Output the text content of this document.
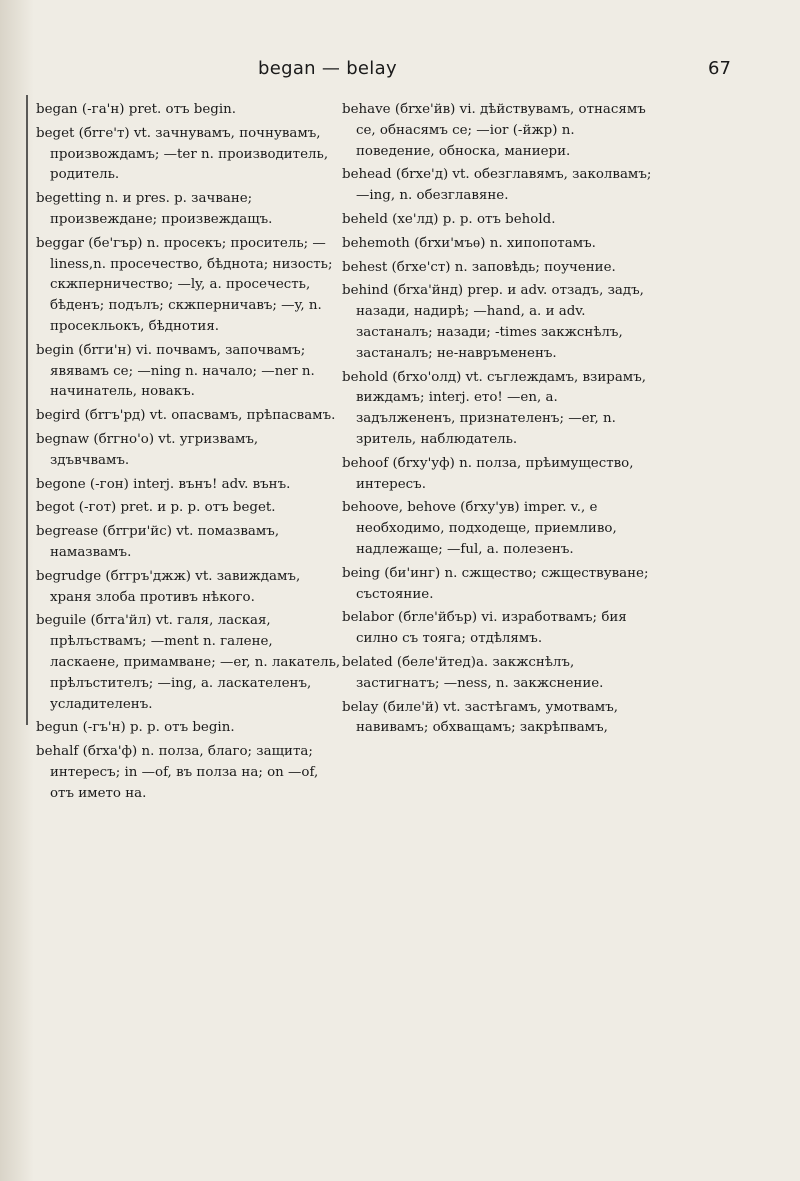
began — belay	67

began (-га'н) pret. отъ begin.

beget (бrге'т) vt. зачнувамъ, почнувамъ, произвождамъ; —ter n. производитель, родитель.

begetting n. и pres. p. зачване; произвеждане; произвеждащъ.

beggar (бе'гър) n. просекъ; проситель; —liness,n. просечество, бѣднота; низость; скжперничество; —ly, a. просечесть, бѣденъ; подълъ; скжперничавъ; —y, n. просекльокъ, бѣднотия.

begin (бrги'н) vi. почвамъ, започвамъ; явявамъ се; —ning n. начало; —ner n. начинатель, новакъ.

begird (бrгъ'рд) vt. опасвамъ, прѣпасвамъ.

begnaw (бrгно'о) vt. угризвамъ, здъвчвамъ.

begone (-гон) interj. вънъ! adv. вънъ.

begot (-гот) pret. и p. p. отъ beget.

begrease (бrгри'йс) vt. помазвамъ, намазвамъ.

begrudge (бrгръ'джж) vt. завиждамъ, храня злоба противъ нѣкого.

beguile (бrга'йл) vt. галя, лаская, прѣлъствамъ; —ment n. галене, ласкаене, примамване; —er, n. лакатель, прѣлъстителъ; —ing, a. ласкателенъ, усладителенъ.

begun (-гъ'н) p. p. отъ begin.

behalf (бrха'ф) n. полза, благо; защита; интересъ; in —of, въ полза на; on —of, отъ името на.

behave (бrхе'йв) vi. дѣйствувамъ, отнасямъ се, обнасямъ се; —ior (-йжр) n. поведение, обноска, маниери.

behead (бrхе'д) vt. обезглавямъ, заколвамъ; —ing, n. обезглавяне.

beheld (хе'лд) p. p. отъ behold.

behemoth (бrхи'мъѳ) n. хипопотамъ.

behest (бrхе'ст) n. заповѣдь; поучение.

behind (бrха'йнд) prep. и adv. отзадъ, задъ, назади, надирѣ; —hand, a. и adv. застаналъ; назади; -times закжснѣлъ, застаналъ; не-навръмененъ.

behold (бrхо'олд) vt. съглеждамъ, взирамъ, виждамъ; interj. ето! —en, a. задължененъ, признателенъ; —er, n. зритель, наблюдатель.

behoof (бrху'уф) n. полза, прѣимущество, интересъ.

behoove, behove (бrху'ув) imper. v., е необходимо, подходеще, приемливо, надлежаще; —ful, a. полезенъ.

being (би'инг) n. сжщество; сжществуване; състояние.

belabor (бrле'йбър) vi. изработвамъ; бия силно съ тояга; отдѣлямъ.

belated (беле'йтед)a. закжснѣлъ, застигнатъ; —ness, n. закжснение.

belay (биле'й) vt. застѣгамъ, умотвамъ, навивамъ; обхващамъ; закрѣпвамъ,
